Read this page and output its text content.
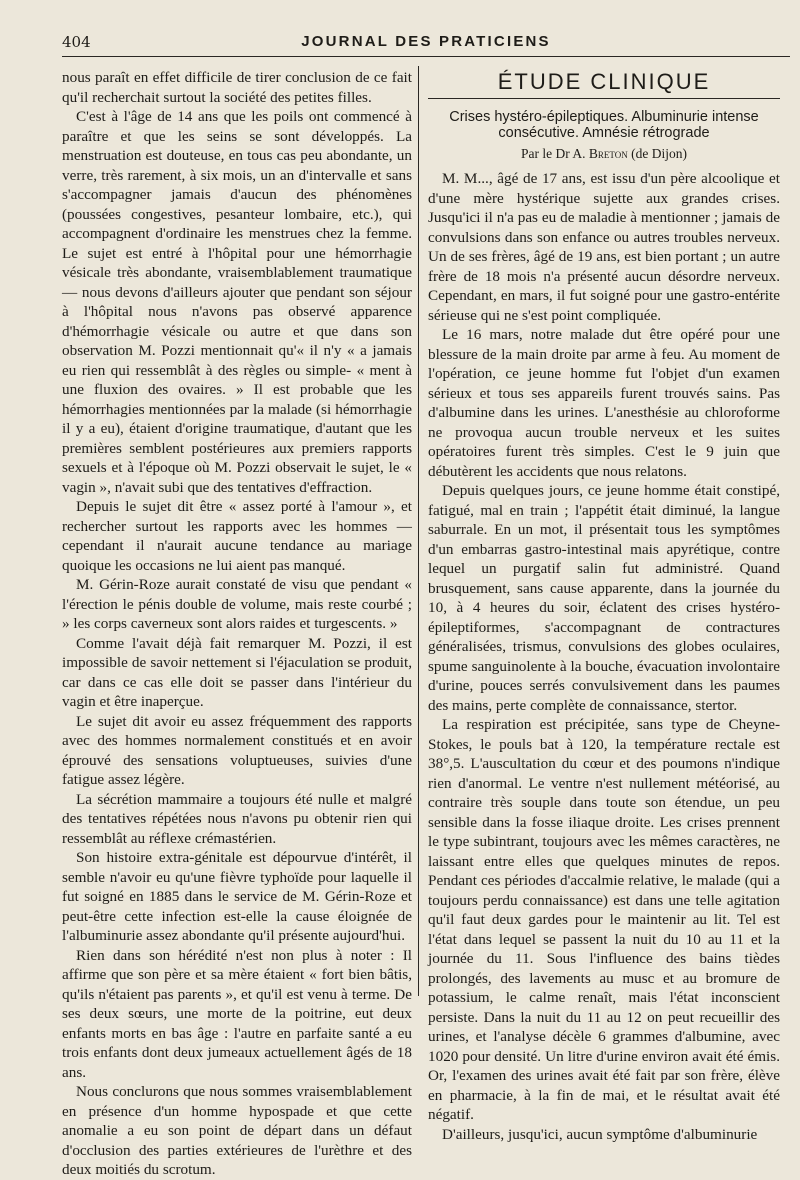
404	JOURNAL DES PRATICIENS

nous paraît en effet difficile de tirer conclusion de ce fait qu'il recherchait surtout la société des petites filles.

C'est à l'âge de 14 ans que les poils ont commencé à paraître et que les seins se sont développés. La menstruation est douteuse, en tous cas peu abondante, un verre, très rarement, à six mois, un an d'intervalle et sans s'accompagner jamais d'aucun des phénomènes (poussées congestives, pesanteur lombaire, etc.), qui accompagnent d'ordinaire les menstrues chez la femme. Le sujet est entré à l'hôpital pour une hémorrhagie vésicale très abondante, vraisemblablement traumatique — nous devons d'ailleurs ajouter que pendant son séjour à l'hôpital nous n'avons pas observé apparence d'hémorrhagie vésicale ou autre et que dans son observation M. Pozzi mentionnait qu'« il n'y « a jamais eu rien qui ressemblât à des règles ou simple- « ment à une fluxion des ovaires. » Il est probable que les hémorrhagies mentionnées par la malade (si hémorrhagie il y a eu), étaient d'origine traumatique, d'autant que les premières semblent postérieures aux premiers rapports sexuels et à l'époque où M. Pozzi observait le sujet, le « vagin », n'avait subi que des tentatives d'effraction.

Depuis le sujet dit être « assez porté à l'amour », et rechercher surtout les rapports avec les hommes — cependant il n'aurait aucune tendance au mariage quoique les occasions ne lui aient pas manqué.

M. Gérin-Roze aurait constaté de visu que pendant « l'érection le pénis double de volume, mais reste courbé ; » les corps caverneux sont alors raides et turgescents. »

Comme l'avait déjà fait remarquer M. Pozzi, il est impossible de savoir nettement si l'éjaculation se produit, car dans ce cas elle doit se passer dans l'intérieur du vagin et être inaperçue.

Le sujet dit avoir eu assez fréquemment des rapports avec des hommes normalement constitués et en avoir éprouvé des sensations voluptueuses, suivies d'une fatigue assez légère.

La sécrétion mammaire a toujours été nulle et malgré des tentatives répétées nous n'avons pu obtenir rien qui ressemblât au réflexe crémastérien.

Son histoire extra-génitale est dépourvue d'intérêt, il semble n'avoir eu qu'une fièvre typhoïde pour laquelle il fut soigné en 1885 dans le service de M. Gérin-Roze et peut-être cette infection est-elle la cause éloignée de l'albuminurie assez abondante qu'il présente aujourd'hui.

Rien dans son hérédité n'est non plus à noter : Il affirme que son père et sa mère étaient « fort bien bâtis, qu'ils n'étaient pas parents », et qu'il est venu à terme. De ses deux sœurs, une morte de la poitrine, eut deux enfants morts en bas âge : l'autre en parfaite santé a eu trois enfants dont deux jumeaux actuellement âgés de 18 ans.

Nous conclurons que nous sommes vraisemblablement en présence d'un homme hypospade et que cette anomalie a eu son point de départ dans un défaut d'occlusion des parties extérieures de l'urèthre et des deux moitiés du scrotum.

ÉTUDE CLINIQUE
Crises hystéro-épileptiques. Albuminurie intense consécutive. Amnésie rétrograde
Par le Dr A. Breton (de Dijon)

M. M..., âgé de 17 ans, est issu d'un père alcoolique et d'une mère hystérique sujette aux grandes crises. Jusqu'ici il n'a pas eu de maladie à mentionner ; jamais de convulsions dans son enfance ou autres troubles nerveux. Un de ses frères, âgé de 19 ans, est bien portant ; un autre frère de 18 mois n'a présenté aucun désordre nerveux. Cependant, en mars, il fut soigné pour une gastro-entérite sérieuse qui ne s'est point compliquée.

Le 16 mars, notre malade dut être opéré pour une blessure de la main droite par arme à feu. Au moment de l'opération, ce jeune homme fut l'objet d'un examen sérieux et tous ses appareils furent trouvés sains. Pas d'albumine dans les urines. L'anesthésie au chloroforme ne provoqua aucun trouble nerveux et les suites opératoires furent très simples. C'est le 9 juin que débutèrent les accidents que nous relatons.

Depuis quelques jours, ce jeune homme était constipé, fatigué, mal en train ; l'appétit était diminué, la langue saburrale. En un mot, il présentait tous les symptômes d'un embarras gastro-intestinal mais apyrétique, contre lequel un purgatif salin fut administré. Quand brusquement, sans cause apparente, dans la journée du 10, à 4 heures du soir, éclatent des crises hystéro-épileptiformes, s'accompagnant de contractures généralisées, trismus, convulsions des globes oculaires, spume sanguinolente à la bouche, évacuation involontaire d'urine, pouces serrés convulsivement dans les paumes des mains, perte complète de connaissance, stertor.

La respiration est précipitée, sans type de Cheyne-Stokes, le pouls bat à 120, la température rectale est 38°,5. L'auscultation du cœur et des poumons n'indique rien d'anormal. Le ventre n'est nullement météorisé, au contraire très souple dans toute son étendue, un peu sensible dans la fosse iliaque droite. Les crises prennent le type subintrant, toujours avec les mêmes caractères, ne laissant entre elles que quelques minutes de repos. Pendant ces périodes d'accalmie relative, le malade (qui a toujours perdu connaissance) est dans une telle agitation qu'il faut deux gardes pour le maintenir au lit. Tel est l'état dans lequel se passent la nuit du 10 au 11 et la journée du 11. Sous l'influence des bains tièdes prolongés, des lavements au musc et au bromure de potassium, le calme renaît, mais l'état inconscient persiste. Dans la nuit du 11 au 12 on peut recueillir des urines, et l'analyse décèle 6 grammes d'albumine, avec 1020 pour densité. Un litre d'urine environ avait été émis. Or, l'examen des urines avait été fait par son frère, élève en pharmacie, à la fin de mai, et le résultat avait été négatif.

D'ailleurs, jusqu'ici, aucun symptôme d'albuminurie
